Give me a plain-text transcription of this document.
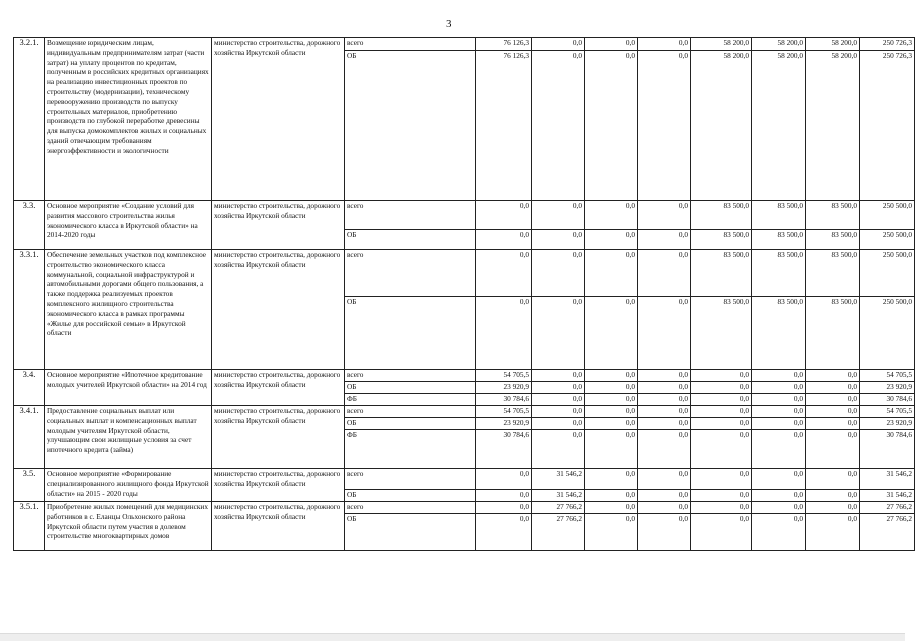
3
3.2.1.	Возмещение юридическим лицам, индивидуальным предпринимателям затрат (части затрат) на уплату процентов по кредитам, полученным в российских кредитных организациях на реализацию инвестиционных проектов по строительству (модернизации), техническому перевооружению производств по выпуску строительных материалов, приобретению производств по глубокой переработке древесины для выпуска домокомплектов жилых и социальных зданий отвечающим требованиям энергоэффективности и экологичности	министерство строительства, дорожного хозяйства Иркутской области	всего	76 126,3	0,0	0,0	0,0	58 200,0	58 200,0	58 200,0	250 726,3
			ОБ	76 126,3	0,0	0,0	0,0	58 200,0	58 200,0	58 200,0	250 726,3
3.3.	Основное мероприятие «Создание условий для развития массового строительства жилья экономического класса в Иркутской области» на 2014-2020 годы	министерство строительства, дорожного хозяйства Иркутской области	всего	0,0	0,0	0,0	0,0	83 500,0	83 500,0	83 500,0	250 500,0
			ОБ	0,0	0,0	0,0	0,0	83 500,0	83 500,0	83 500,0	250 500,0
3.3.1.	Обеспечение земельных участков под комплексное строительство экономического класса коммунальной, социальной инфраструктурой и автомобильными дорогами общего пользования, а также поддержка реализуемых проектов комплексного жилищного строительства экономического класса в рамках программы «Жилье для российской семьи» в Иркутской области	министерство строительства, дорожного хозяйства Иркутской области	всего	0,0	0,0	0,0	0,0	83 500,0	83 500,0	83 500,0	250 500,0
			ОБ	0,0	0,0	0,0	0,0	83 500,0	83 500,0	83 500,0	250 500,0
3.4.	Основное мероприятие «Ипотечное кредитование молодых учителей Иркутской области» на 2014 год	министерство строительства, дорожного хозяйства Иркутской области	всего	54 705,5	0,0	0,0	0,0	0,0	0,0	0,0	54 705,5
			ОБ	23 920,9	0,0	0,0	0,0	0,0	0,0	0,0	23 920,9
			ФБ	30 784,6	0,0	0,0	0,0	0,0	0,0	0,0	30 784,6
3.4.1.	Предоставление социальных выплат или социальных выплат и компенсационных выплат молодым учителям Иркутской области, улучшающим свои жилищные условия за счет ипотечного кредита (займа)	министерство строительства, дорожного хозяйства Иркутской области	всего	54 705,5	0,0	0,0	0,0	0,0	0,0	0,0	54 705,5
			ОБ	23 920,9	0,0	0,0	0,0	0,0	0,0	0,0	23 920,9
			ФБ	30 784,6	0,0	0,0	0,0	0,0	0,0	0,0	30 784,6
3.5.	Основное мероприятие «Формирование специализированного жилищного фонда Иркутской области» на 2015 - 2020 годы	министерство строительства, дорожного хозяйства Иркутской области	всего	0,0	31 546,2	0,0	0,0	0,0	0,0	0,0	31 546,2
			ОБ	0,0	31 546,2	0,0	0,0	0,0	0,0	0,0	31 546,2
3.5.1.	Приобретение жилых помещений для медицинских работников в с. Еланцы Ольхонского района Иркутской области путем участия в долевом строительстве многоквартирных домов	министерство строительства, дорожного хозяйства Иркутской области	всего	0,0	27 766,2	0,0	0,0	0,0	0,0	0,0	27 766,2
			ОБ	0,0	27 766,2	0,0	0,0	0,0	0,0	0,0	27 766,2
